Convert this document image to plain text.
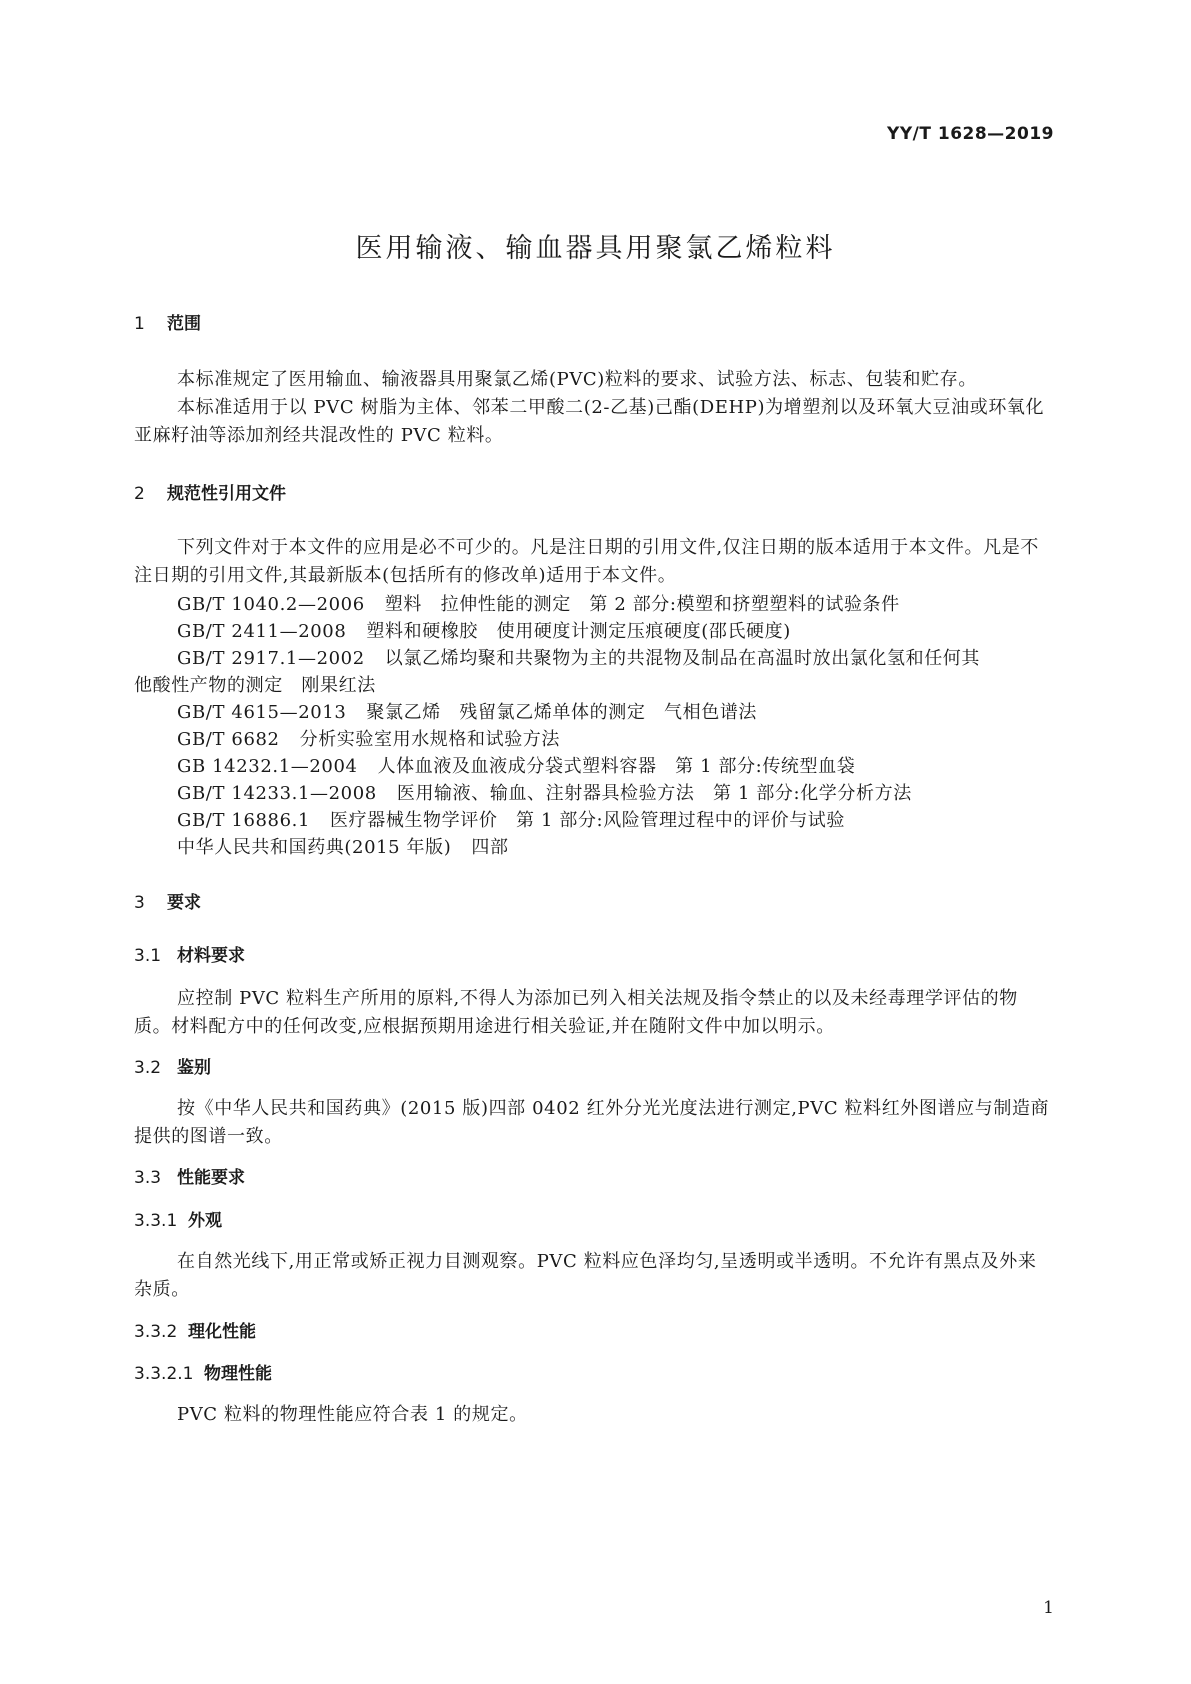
YY/T 1628—2019
医用输液、输血器具用聚氯乙烯粒料
1 范围
本标准规定了医用输血、输液器具用聚氯乙烯(PVC)粒料的要求、试验方法、标志、包装和贮存。
本标准适用于以 PVC 树脂为主体、邻苯二甲酸二(2-乙基)己酯(DEHP)为增塑剂以及环氧大豆油或环氧化亚麻籽油等添加剂经共混改性的 PVC 粒料。
2 规范性引用文件
下列文件对于本文件的应用是必不可少的。凡是注日期的引用文件,仅注日期的版本适用于本文件。凡是不注日期的引用文件,其最新版本(包括所有的修改单)适用于本文件。
GB/T 1040.2—2006 塑料　拉伸性能的测定　第 2 部分:模塑和挤塑塑料的试验条件
GB/T 2411—2008 塑料和硬橡胶　使用硬度计测定压痕硬度(邵氏硬度)
GB/T 2917.1—2002 以氯乙烯均聚和共聚物为主的共混物及制品在高温时放出氯化氢和任何其
他酸性产物的测定　刚果红法
GB/T 4615—2013 聚氯乙烯　残留氯乙烯单体的测定　气相色谱法
GB/T 6682 分析实验室用水规格和试验方法
GB 14232.1—2004 人体血液及血液成分袋式塑料容器　第 1 部分:传统型血袋
GB/T 14233.1—2008 医用输液、输血、注射器具检验方法　第 1 部分:化学分析方法
GB/T 16886.1 医疗器械生物学评价　第 1 部分:风险管理过程中的评价与试验
中华人民共和国药典(2015 年版) 四部
3 要求
3.1 材料要求
应控制 PVC 粒料生产所用的原料,不得人为添加已列入相关法规及指令禁止的以及未经毒理学评估的物质。材料配方中的任何改变,应根据预期用途进行相关验证,并在随附文件中加以明示。
3.2 鉴别
按《中华人民共和国药典》(2015 版)四部 0402 红外分光光度法进行测定,PVC 粒料红外图谱应与制造商提供的图谱一致。
3.3 性能要求
3.3.1 外观
在自然光线下,用正常或矫正视力目测观察。PVC 粒料应色泽均匀,呈透明或半透明。不允许有黑点及外来杂质。
3.3.2 理化性能
3.3.2.1 物理性能
PVC 粒料的物理性能应符合表 1 的规定。
1
